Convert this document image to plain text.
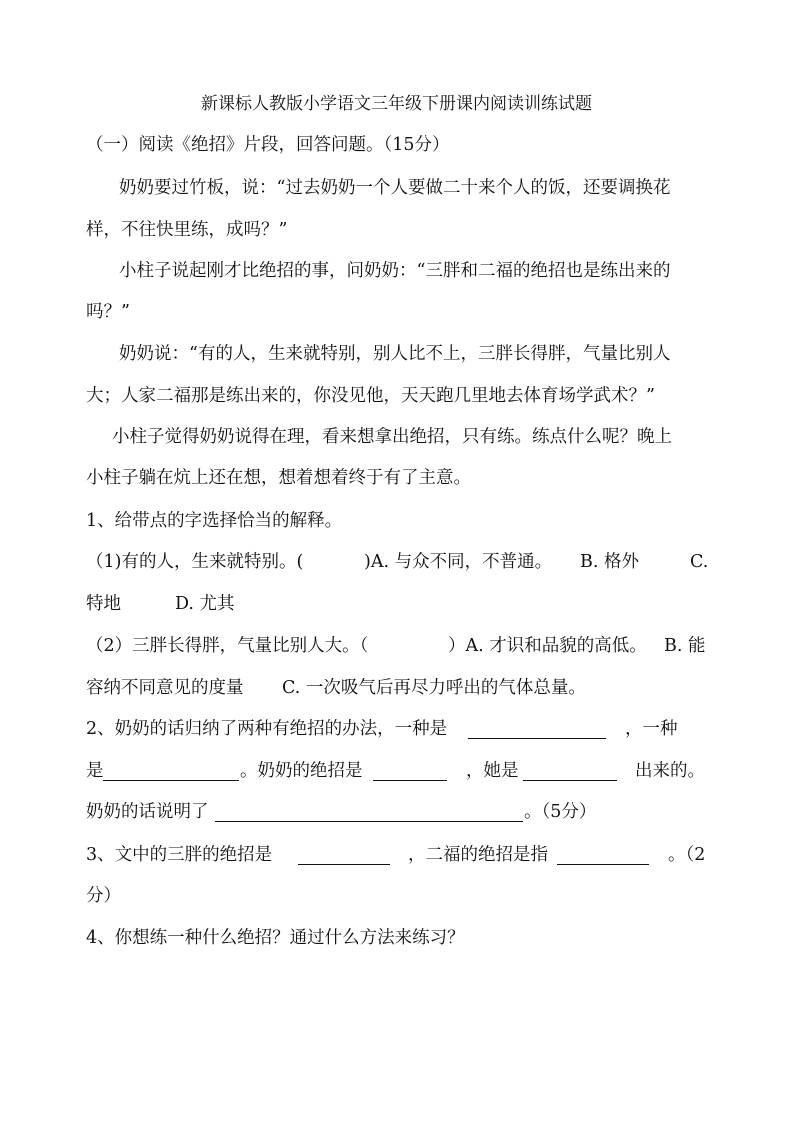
新课标人教版小学语文三年级下册课内阅读训练试题
（一）阅读《绝招》片段，回答问题。（15分）
奶奶要过竹板，说：“过去奶奶一个人要做二十来个人的饭，还要调换花
样，不往快里练，成吗？”
小柱子说起刚才比绝招的事，问奶奶：“三胖和二福的绝招也是练出来的
吗？”
奶奶说：“有的人，生来就特别，别人比不上，三胖长得胖，气量比别人
大；人家二福那是练出来的，你没见他，天天跑几里地去体育场学武术？”
小柱子觉得奶奶说得在理，看来想拿出绝招，只有练。练点什么呢？晚上
小柱子躺在炕上还在想，想着想着终于有了主意。
1、给带点的字选择恰当的解释。
（1)有的人，生来就特别。(	)A. 与众不同，不普通。 B. 格外	C.
特地	D. 尤其
（2）三胖长得胖，气量比别人大。（	）A. 才识和品貌的高低。 B. 能
容纳不同意见的度量 C. 一次吸气后再尽力呼出的气体总量。
2、奶奶的话归纳了两种有绝招的办法，一种是	，一种
是	。奶奶的绝招是	，她是	出来的。
奶奶的话说明了	。（5分）
3、文中的三胖的绝招是	，二福的绝招是指	。（2
分）
4、你想练一种什么绝招？通过什么方法来练习？
